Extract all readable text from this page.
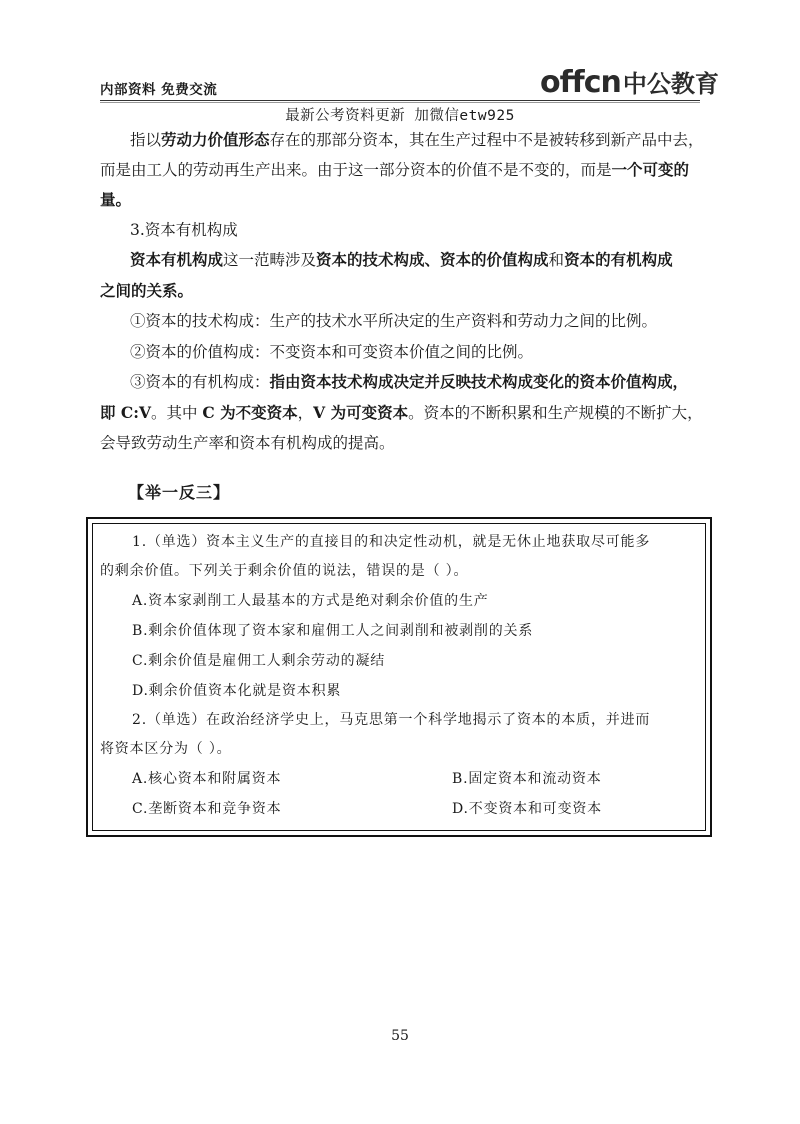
内部资料 免费交流	offcn 中公教育
最新公考资料更新 加微信etw925
指以劳动力价值形态存在的那部分资本，其在生产过程中不是被转移到新产品中去，
而是由工人的劳动再生产出来。由于这一部分资本的价值不是不变的，而是一个可变的
量。
3.资本有机构成
资本有机构成这一范畴涉及资本的技术构成、资本的价值构成和资本的有机构成
之间的关系。
①资本的技术构成：生产的技术水平所决定的生产资料和劳动力之间的比例。
②资本的价值构成：不变资本和可变资本价值之间的比例。
③资本的有机构成：指由资本技术构成决定并反映技术构成变化的资本价值构成，
即 C:V。其中 C 为不变资本，V 为可变资本。资本的不断积累和生产规模的不断扩大，
会导致劳动生产率和资本有机构成的提高。
【举一反三】
1.（单选）资本主义生产的直接目的和决定性动机，就是无休止地获取尽可能多
的剩余价值。下列关于剩余价值的说法，错误的是（ ）。
A.资本家剥削工人最基本的方式是绝对剩余价值的生产
B.剩余价值体现了资本家和雇佣工人之间剥削和被剥削的关系
C.剩余价值是雇佣工人剩余劳动的凝结
D.剩余价值资本化就是资本积累
2.（单选）在政治经济学史上，马克思第一个科学地揭示了资本的本质，并进而
将资本区分为（ ）。
A.核心资本和附属资本	B.固定资本和流动资本
C.垄断资本和竞争资本	D.不变资本和可变资本
55
